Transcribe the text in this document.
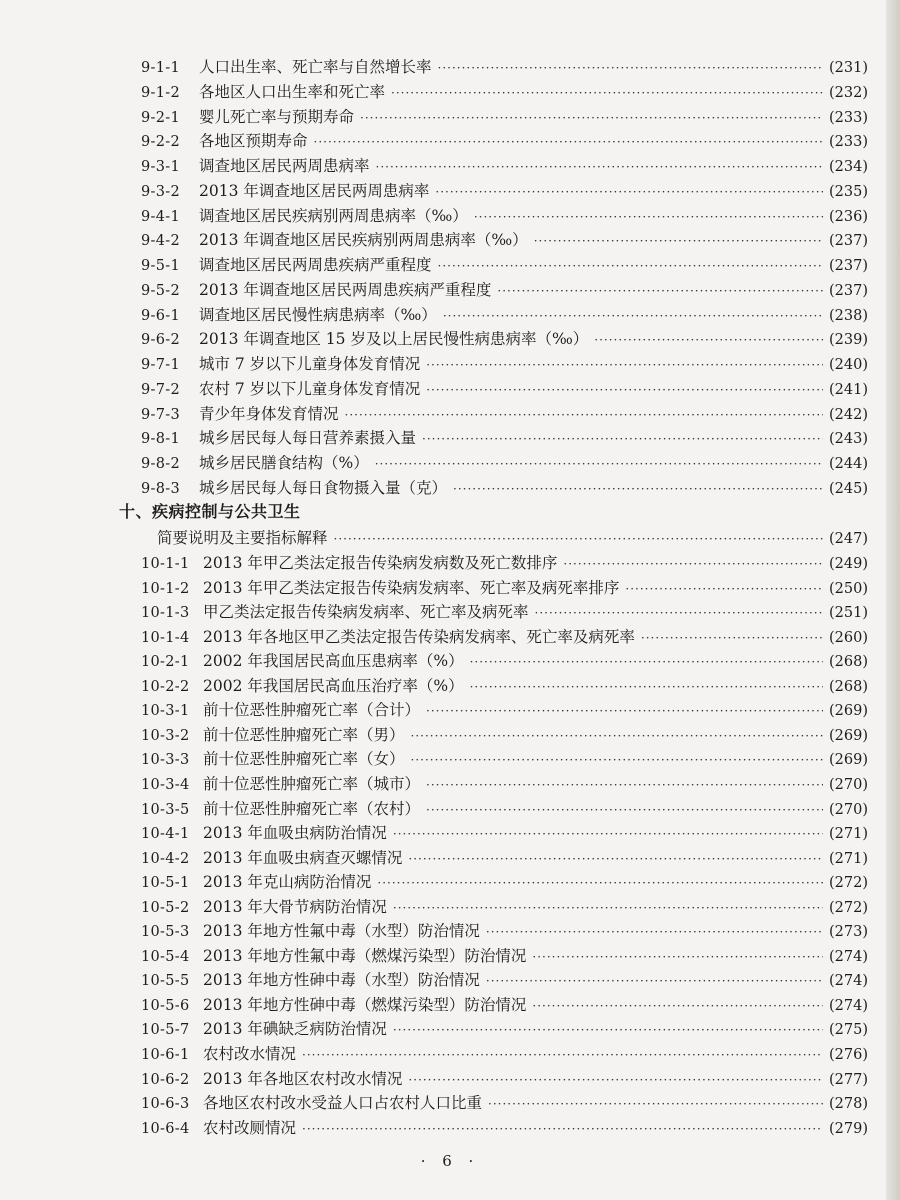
9-1-1	人口出生率、死亡率与自然增长率 ·····	(231)
9-1-2	各地区人口出生率和死亡率 ·····	(232)
9-2-1	婴儿死亡率与预期寿命 ·····	(233)
9-2-2	各地区预期寿命 ·····	(233)
9-3-1	调查地区居民两周患病率 ·····	(234)
9-3-2	2013 年调查地区居民两周患病率 ·····	(235)
9-4-1	调查地区居民疾病别两周患病率（‰） ·····	(236)
9-4-2	2013 年调查地区居民疾病别两周患病率（‰） ·····	(237)
9-5-1	调查地区居民两周患疾病严重程度 ·····	(237)
9-5-2	2013 年调查地区居民两周患疾病严重程度 ·····	(237)
9-6-1	调查地区居民慢性病患病率（‰） ·····	(238)
9-6-2	2013 年调查地区 15 岁及以上居民慢性病患病率（‰） ·····	(239)
9-7-1	城市 7 岁以下儿童身体发育情况 ·····	(240)
9-7-2	农村 7 岁以下儿童身体发育情况 ·····	(241)
9-7-3	青少年身体发育情况 ·····	(242)
9-8-1	城乡居民每人每日营养素摄入量 ·····	(243)
9-8-2	城乡居民膳食结构（%） ·····	(244)
9-8-3	城乡居民每人每日食物摄入量（克） ·····	(245)
简要说明及主要指标解释 ·····	(247)
10-1-1 2013 年甲乙类法定报告传染病发病数及死亡数排序 ·····	(249)
10-1-2 2013 年甲乙类法定报告传染病发病率、死亡率及病死率排序 ·····	(250)
10-1-3 甲乙类法定报告传染病发病率、死亡率及病死率 ·····	(251)
10-1-4 2013 年各地区甲乙类法定报告传染病发病率、死亡率及病死率 ·····	(260)
10-2-1 2002 年我国居民高血压患病率（%） ·····	(268)
10-2-2 2002 年我国居民高血压治疗率（%） ·····	(268)
10-3-1 前十位恶性肿瘤死亡率（合计） ·····	(269)
10-3-2 前十位恶性肿瘤死亡率（男） ·····	(269)
10-3-3 前十位恶性肿瘤死亡率（女） ·····	(269)
10-3-4 前十位恶性肿瘤死亡率（城市） ·····	(270)
10-3-5 前十位恶性肿瘤死亡率（农村） ·····	(270)
10-4-1 2013 年血吸虫病防治情况 ·····	(271)
10-4-2 2013 年血吸虫病查灭螺情况 ·····	(271)
10-5-1 2013 年克山病防治情况 ·····	(272)
10-5-2 2013 年大骨节病防治情况 ·····	(272)
10-5-3 2013 年地方性氟中毒（水型）防治情况 ·····	(273)
10-5-4 2013 年地方性氟中毒（燃煤污染型）防治情况 ·····	(274)
10-5-5 2013 年地方性砷中毒（水型）防治情况 ·····	(274)
10-5-6 2013 年地方性砷中毒（燃煤污染型）防治情况 ·····	(274)
10-5-7 2013 年碘缺乏病防治情况 ·····	(275)
10-6-1 农村改水情况 ·····	(276)
10-6-2 2013 年各地区农村改水情况 ·····	(277)
10-6-3 各地区农村改水受益人口占农村人口比重 ·····	(278)
10-6-4 农村改厕情况 ·····	(279)
十、疾病控制与公共卫生
· 6 ·
